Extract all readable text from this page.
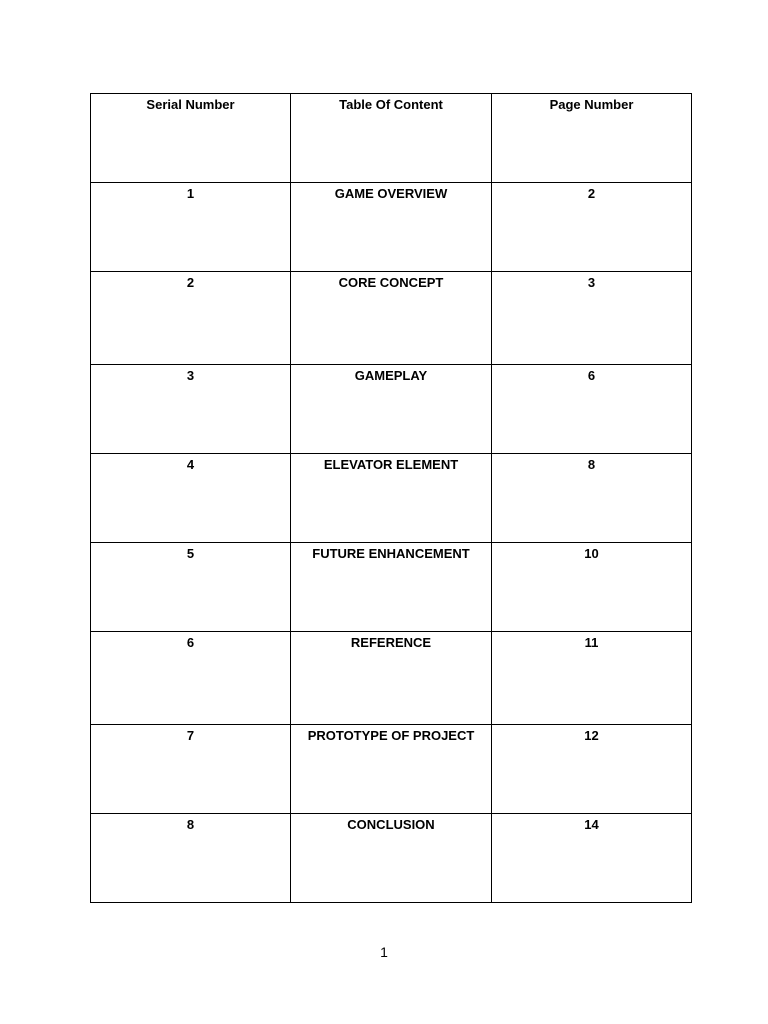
Serial Number	Table Of Content	Page Number
1	GAME OVERVIEW	2
2	CORE CONCEPT	3
3	GAMEPLAY	6
4	ELEVATOR ELEMENT	8
5	FUTURE ENHANCEMENT	10
6	REFERENCE	11
7	PROTOTYPE OF PROJECT	12
8	CONCLUSION	14
1
